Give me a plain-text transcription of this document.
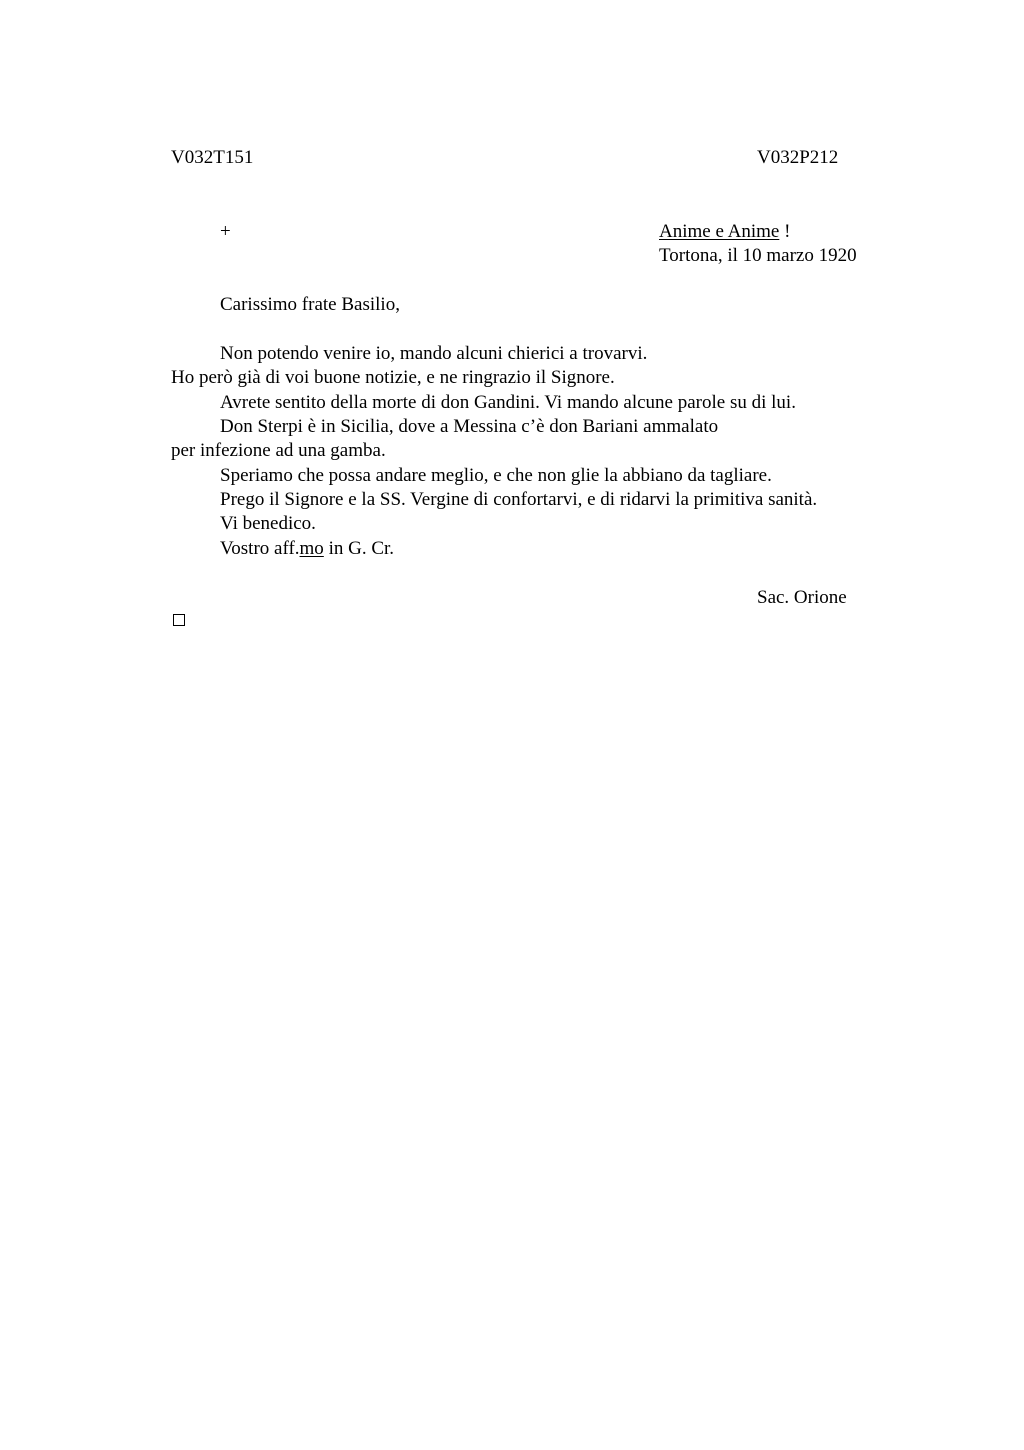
V032T151	V032P212
+	Anime e Anime !
Tortona, il 10 marzo 1920
Carissimo frate Basilio,
Non potendo venire io, mando alcuni chierici a trovarvi.
Ho però già di voi buone notizie, e ne ringrazio il Signore.
Avrete sentito della morte di don Gandini. Vi mando alcune parole su di lui.
Don Sterpi è in Sicilia, dove a Messina c’è don Bariani ammalato
per infezione ad una gamba.
Speriamo che possa andare meglio, e che non glie la abbiano da tagliare.
Prego il Signore e la SS. Vergine di confortarvi, e di ridarvi la primitiva sanità.
Vi benedico.
Vostro aff.mo in G. Cr.
Sac. Orione
